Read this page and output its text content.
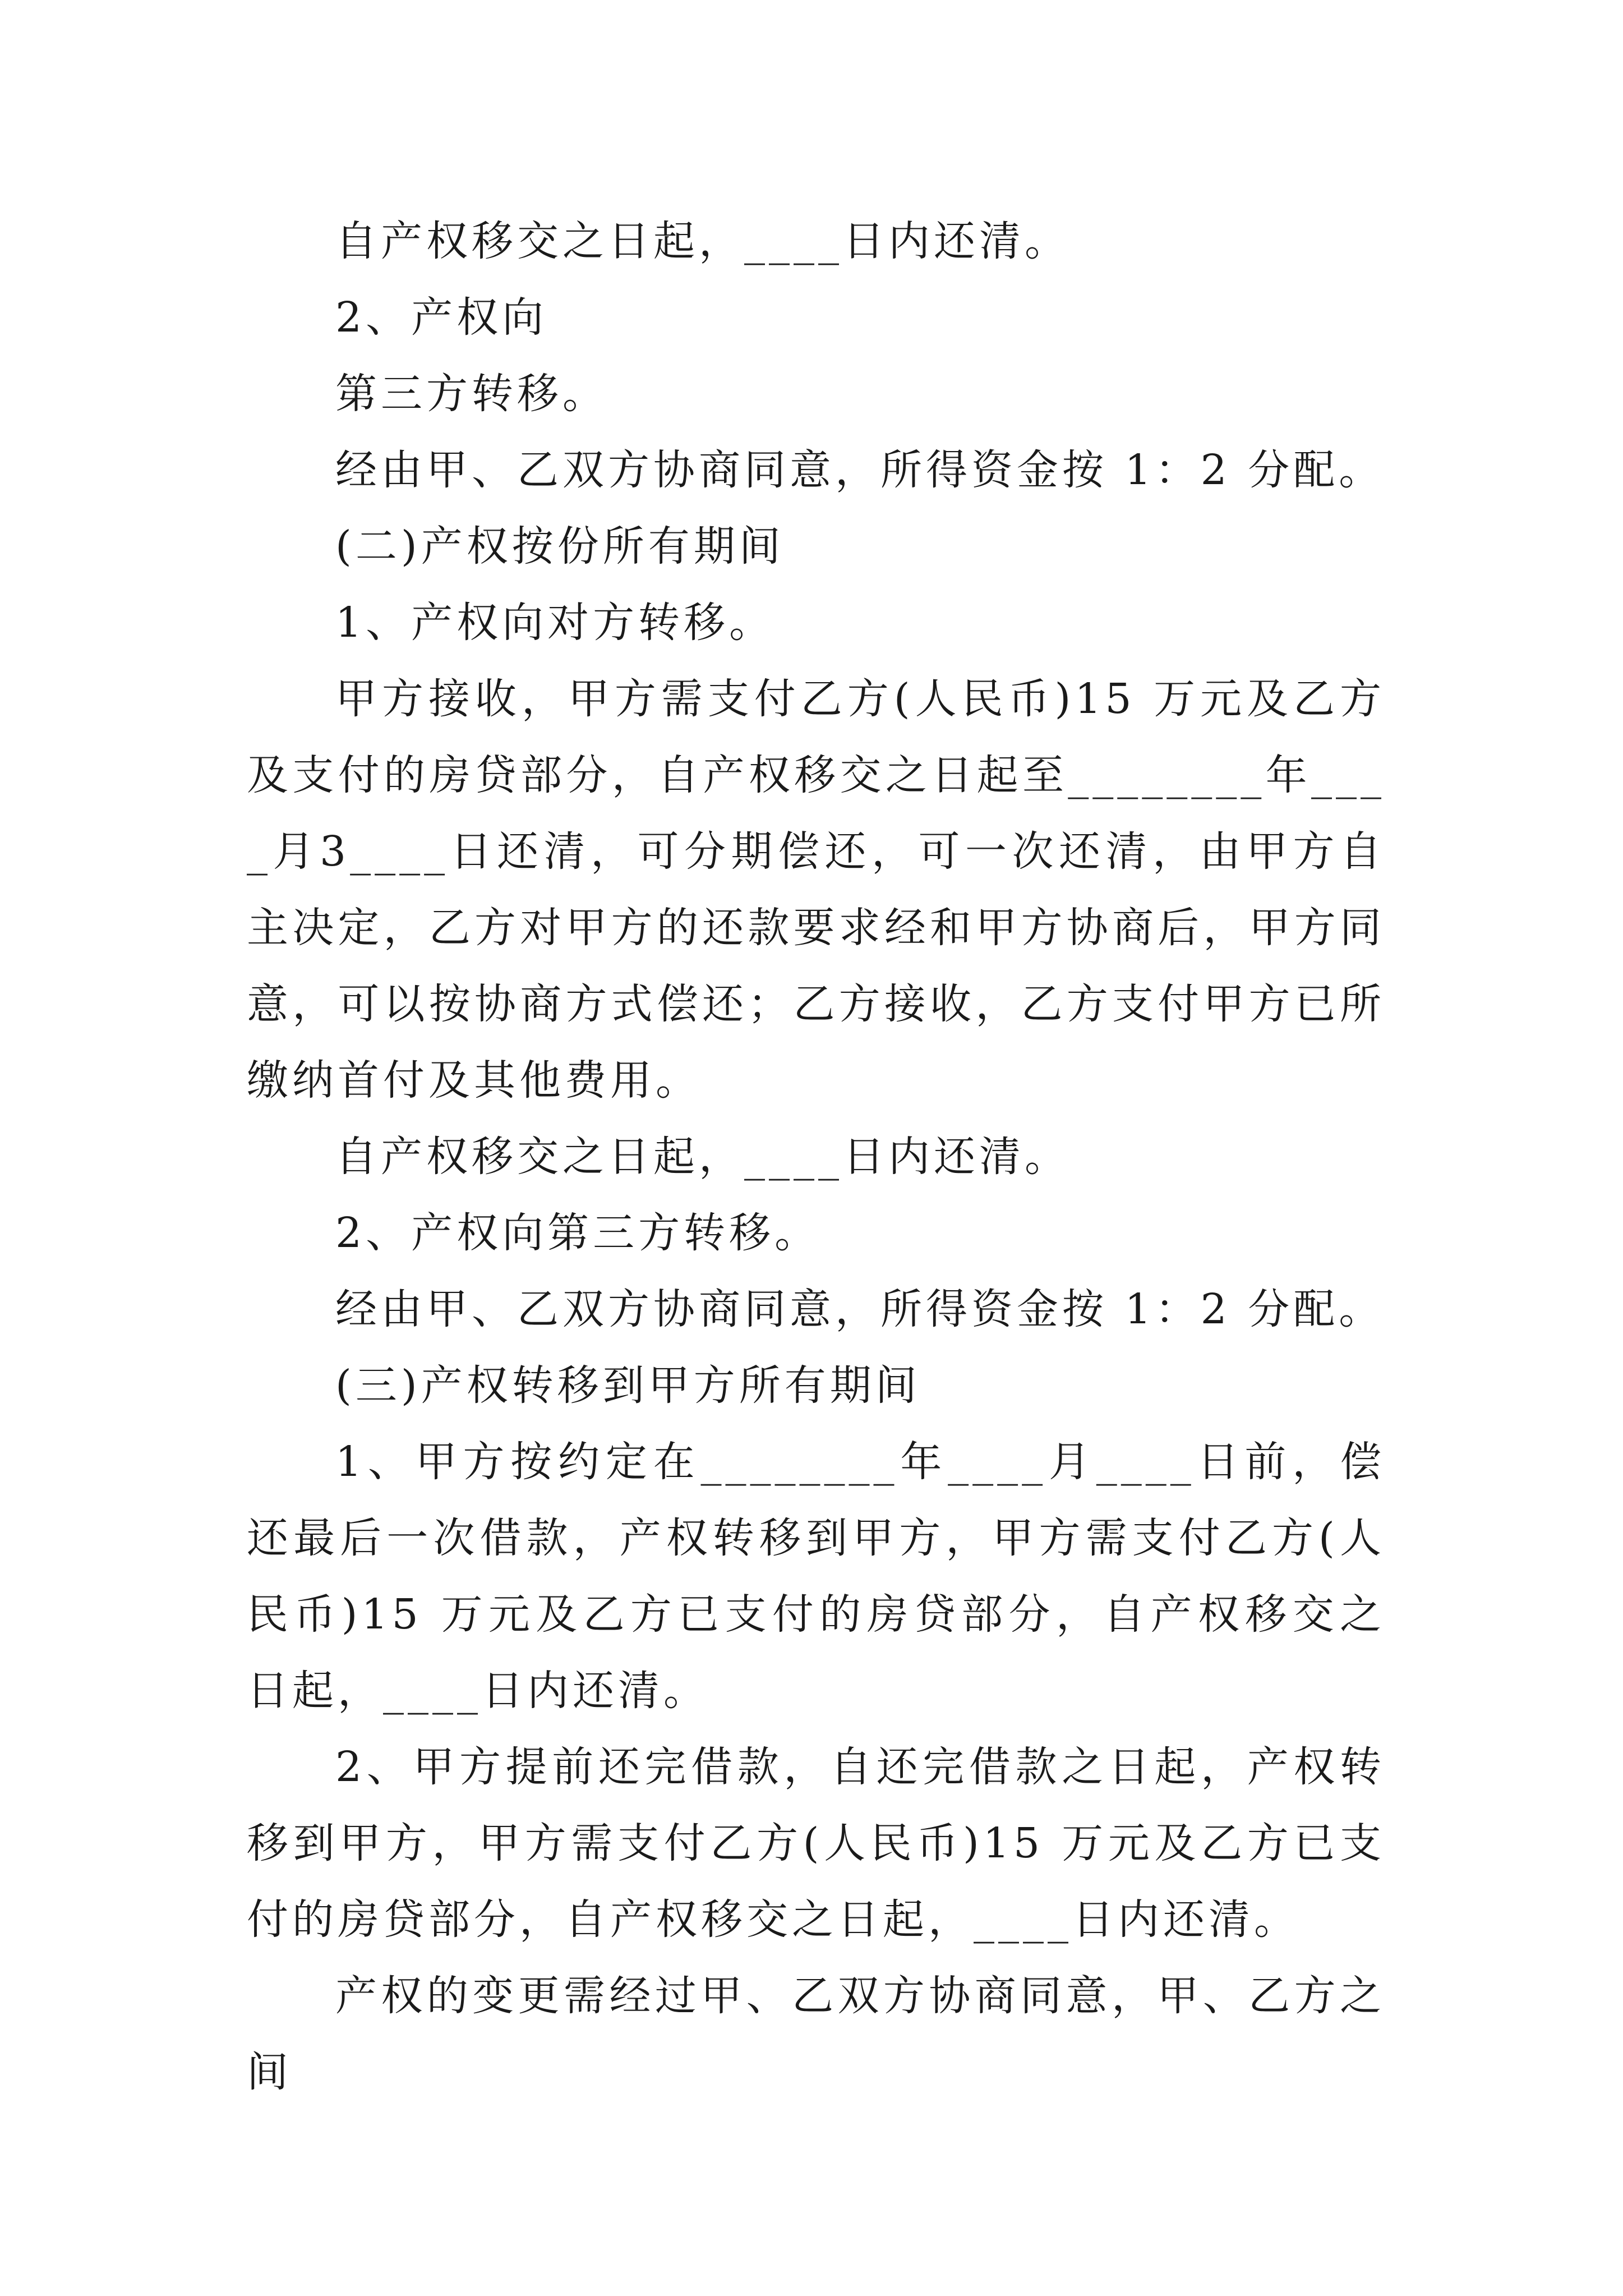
自产权移交之日起，____日内还清。

2、产权向

第三方转移。

经由甲、乙双方协商同意，所得资金按 1：2 分配。

(二)产权按份所有期间

1、产权向对方转移。

甲方接收，甲方需支付乙方(人民币)15 万元及乙方及支付的房贷部分，自产权移交之日起至________年____月3____日还清，可分期偿还，可一次还清，由甲方自主决定，乙方对甲方的还款要求经和甲方协商后，甲方同意，可以按协商方式偿还；乙方接收，乙方支付甲方已所缴纳首付及其他费用。

自产权移交之日起，____日内还清。

2、产权向第三方转移。

经由甲、乙双方协商同意，所得资金按 1：2 分配。

(三)产权转移到甲方所有期间

1、甲方按约定在________年____月____日前，偿还最后一次借款，产权转移到甲方，甲方需支付乙方(人民币)15 万元及乙方已支付的房贷部分，自产权移交之日起，____日内还清。

2、甲方提前还完借款，自还完借款之日起，产权转移到甲方，甲方需支付乙方(人民币)15 万元及乙方已支付的房贷部分，自产权移交之日起，____日内还清。

产权的变更需经过甲、乙双方协商同意，甲、乙方之间
